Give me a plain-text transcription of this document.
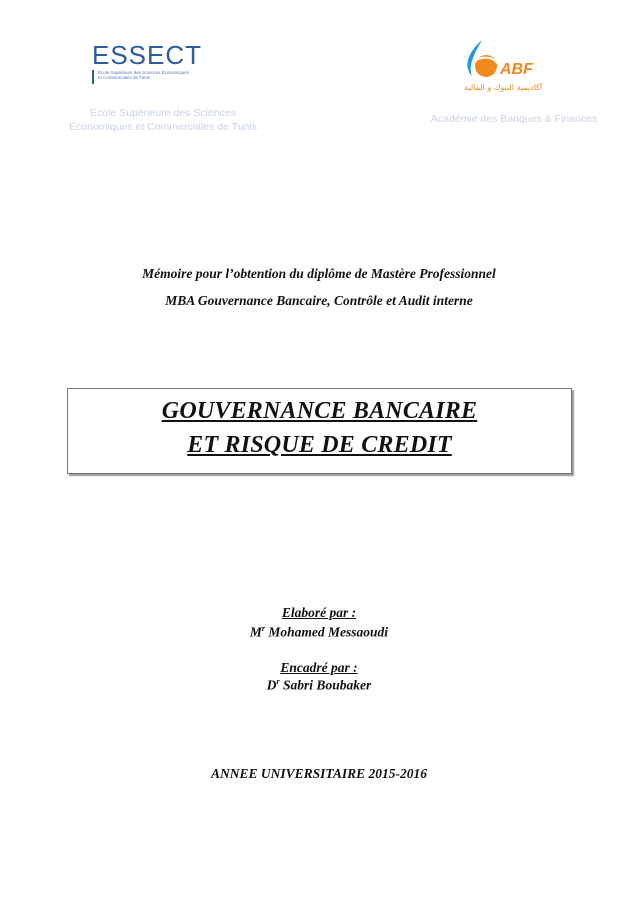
ESSECT
Ecole Supérieure des Sciences Economiques et Commerciales de Tunis
Ecole Supérieure des Sciences Economiques et Commerciales de Tunis
ABF
أكاديمية البنوك و المالية
Académie des Banques & Finances
Mémoire pour l’obtention du diplôme de Mastère Professionnel
MBA Gouvernance Bancaire, Contrôle et Audit interne
GOUVERNANCE BANCAIRE
ET RISQUE DE CREDIT
Elaboré par :
$M^r$ Mohamed Messaoudi
Encadré par :
$D^r$ Sabri Boubaker
ANNEE UNIVERSITAIRE 2015-2016
